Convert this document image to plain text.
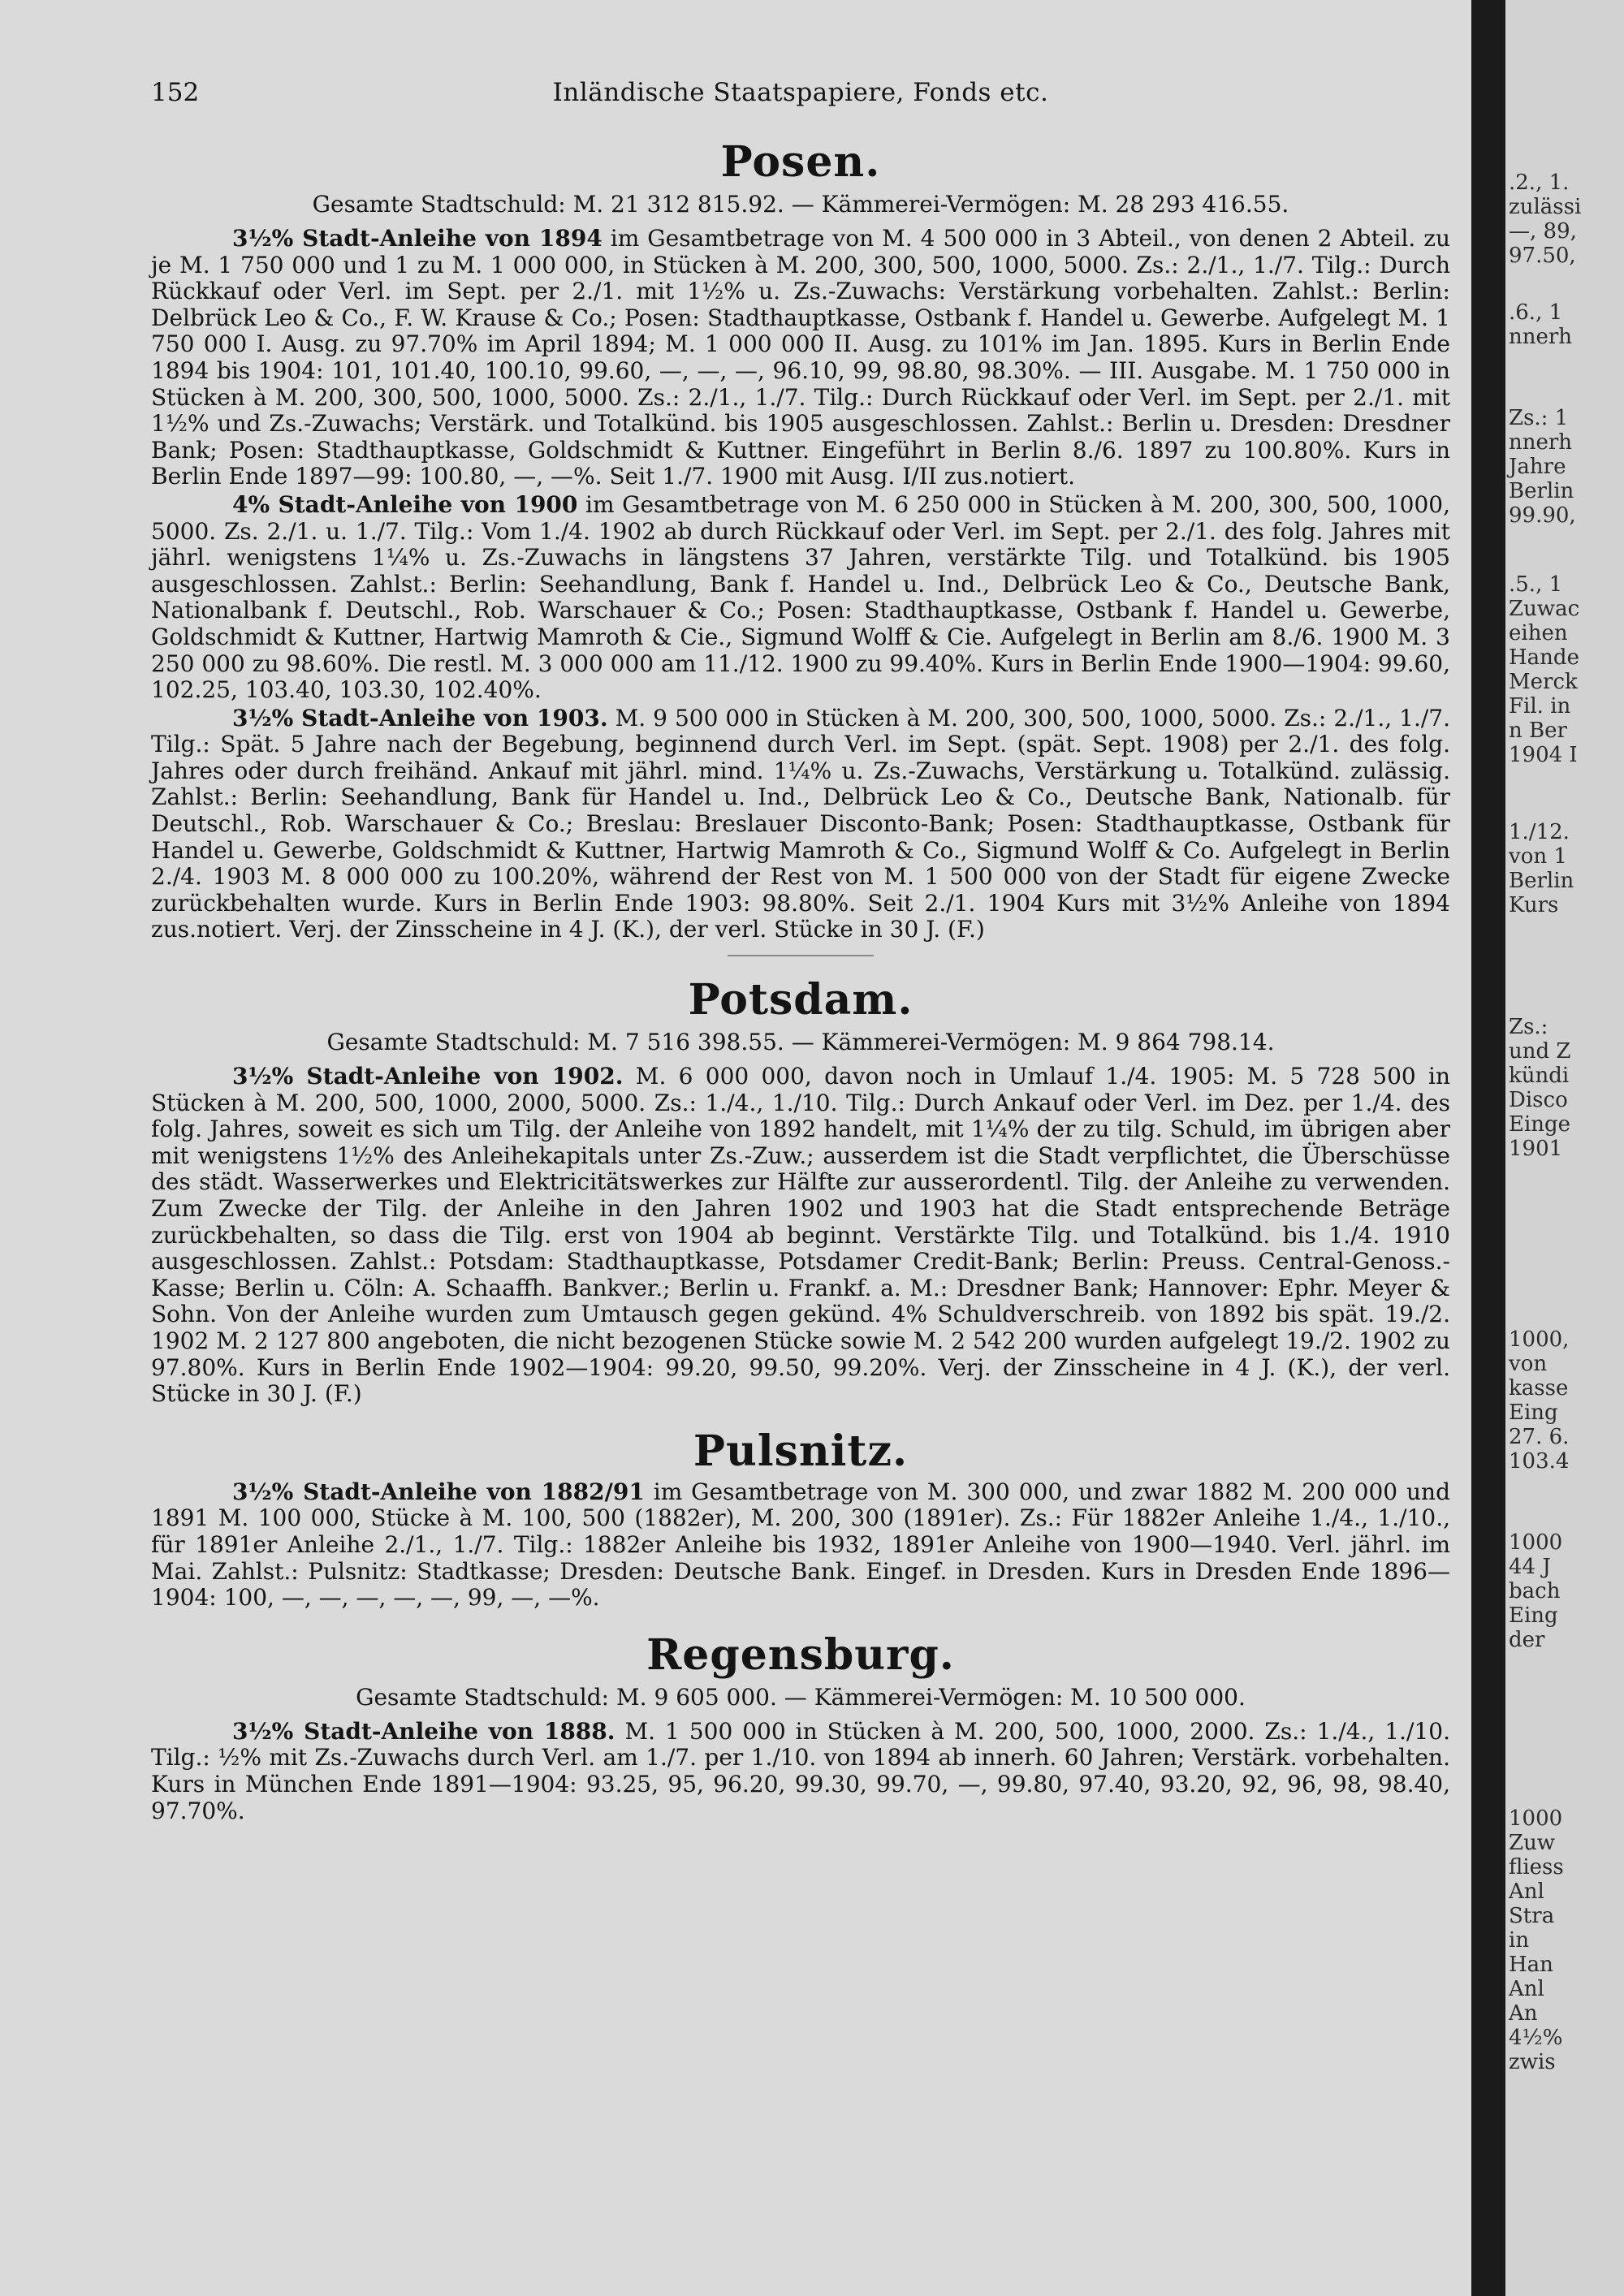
152	Inländische Staatspapiere, Fonds etc.
Posen.
Gesamte Stadtschuld: M. 21 312 815.92. — Kämmerei-Vermögen: M. 28 293 416.55.

3½% Stadt-Anleihe von 1894 im Gesamtbetrage von M. 4 500 000 in 3 Abteil., von denen 2 Abteil. zu je M. 1 750 000 und 1 zu M. 1 000 000, in Stücken à M. 200, 300, 500, 1000, 5000. Zs.: 2./1., 1./7. Tilg.: Durch Rückkauf oder Verl. im Sept. per 2./1. mit 1½% u. Zs.-Zuwachs: Verstärkung vorbehalten. Zahlst.: Berlin: Delbrück Leo & Co., F. W. Krause & Co.; Posen: Stadthauptkasse, Ostbank f. Handel u. Gewerbe. Aufgelegt M. 1 750 000 I. Ausg. zu 97.70% im April 1894; M. 1 000 000 II. Ausg. zu 101% im Jan. 1895. Kurs in Berlin Ende 1894 bis 1904: 101, 101.40, 100.10, 99.60, —, —, —, 96.10, 99, 98.80, 98.30%. — III. Ausgabe. M. 1 750 000 in Stücken à M. 200, 300, 500, 1000, 5000. Zs.: 2./1., 1./7. Tilg.: Durch Rückkauf oder Verl. im Sept. per 2./1. mit 1½% und Zs.-Zuwachs; Verstärk. und Totalkünd. bis 1905 ausgeschlossen. Zahlst.: Berlin u. Dresden: Dresdner Bank; Posen: Stadthauptkasse, Goldschmidt & Kuttner. Eingeführt in Berlin 8./6. 1897 zu 100.80%. Kurs in Berlin Ende 1897—99: 100.80, —, —%. Seit 1./7. 1900 mit Ausg. I/II zus.notiert.

4% Stadt-Anleihe von 1900 im Gesamtbetrage von M. 6 250 000 in Stücken à M. 200, 300, 500, 1000, 5000. Zs. 2./1. u. 1./7. Tilg.: Vom 1./4. 1902 ab durch Rückkauf oder Verl. im Sept. per 2./1. des folg. Jahres mit jährl. wenigstens 1¼% u. Zs.-Zuwachs in längstens 37 Jahren, verstärkte Tilg. und Totalkünd. bis 1905 ausgeschlossen. Zahlst.: Berlin: Seehandlung, Bank f. Handel u. Ind., Delbrück Leo & Co., Deutsche Bank, Nationalbank f. Deutschl., Rob. Warschauer & Co.; Posen: Stadthauptkasse, Ostbank f. Handel u. Gewerbe, Goldschmidt & Kuttner, Hartwig Mamroth & Cie., Sigmund Wolff & Cie. Aufgelegt in Berlin am 8./6. 1900 M. 3 250 000 zu 98.60%. Die restl. M. 3 000 000 am 11./12. 1900 zu 99.40%. Kurs in Berlin Ende 1900—1904: 99.60, 102.25, 103.40, 103.30, 102.40%.

3½% Stadt-Anleihe von 1903. M. 9 500 000 in Stücken à M. 200, 300, 500, 1000, 5000. Zs.: 2./1., 1./7. Tilg.: Spät. 5 Jahre nach der Begebung, beginnend durch Verl. im Sept. (spät. Sept. 1908) per 2./1. des folg. Jahres oder durch freihänd. Ankauf mit jährl. mind. 1¼% u. Zs.-Zuwachs, Verstärkung u. Totalkünd. zulässig. Zahlst.: Berlin: Seehandlung, Bank für Handel u. Ind., Delbrück Leo & Co., Deutsche Bank, Nationalb. für Deutschl., Rob. Warschauer & Co.; Breslau: Breslauer Disconto-Bank; Posen: Stadthauptkasse, Ostbank für Handel u. Gewerbe, Goldschmidt & Kuttner, Hartwig Mamroth & Co., Sigmund Wolff & Co. Aufgelegt in Berlin 2./4. 1903 M. 8 000 000 zu 100.20%, während der Rest von M. 1 500 000 von der Stadt für eigene Zwecke zurückbehalten wurde. Kurs in Berlin Ende 1903: 98.80%. Seit 2./1. 1904 Kurs mit 3½% Anleihe von 1894 zus.notiert. Verj. der Zinsscheine in 4 J. (K.), der verl. Stücke in 30 J. (F.)

Potsdam.
Gesamte Stadtschuld: M. 7 516 398.55. — Kämmerei-Vermögen: M. 9 864 798.14.

3½% Stadt-Anleihe von 1902. M. 6 000 000, davon noch in Umlauf 1./4. 1905: M. 5 728 500 in Stücken à M. 200, 500, 1000, 2000, 5000. Zs.: 1./4., 1./10. Tilg.: Durch Ankauf oder Verl. im Dez. per 1./4. des folg. Jahres, soweit es sich um Tilg. der Anleihe von 1892 handelt, mit 1¼% der zu tilg. Schuld, im übrigen aber mit wenigstens 1½% des Anleihekapitals unter Zs.-Zuw.; ausserdem ist die Stadt verpflichtet, die Überschüsse des städt. Wasserwerkes und Elektricitätswerkes zur Hälfte zur ausserordentl. Tilg. der Anleihe zu verwenden. Zum Zwecke der Tilg. der Anleihe in den Jahren 1902 und 1903 hat die Stadt entsprechende Beträge zurückbehalten, so dass die Tilg. erst von 1904 ab beginnt. Verstärkte Tilg. und Totalkünd. bis 1./4. 1910 ausgeschlossen. Zahlst.: Potsdam: Stadthauptkasse, Potsdamer Credit-Bank; Berlin: Preuss. Central-Genoss.-Kasse; Berlin u. Cöln: A. Schaaffh. Bankver.; Berlin u. Frankf. a. M.: Dresdner Bank; Hannover: Ephr. Meyer & Sohn. Von der Anleihe wurden zum Umtausch gegen gekünd. 4% Schuldverschreib. von 1892 bis spät. 19./2. 1902 M. 2 127 800 angeboten, die nicht bezogenen Stücke sowie M. 2 542 200 wurden aufgelegt 19./2. 1902 zu 97.80%. Kurs in Berlin Ende 1902—1904: 99.20, 99.50, 99.20%. Verj. der Zinsscheine in 4 J. (K.), der verl. Stücke in 30 J. (F.)

Pulsnitz.

3½% Stadt-Anleihe von 1882/91 im Gesamtbetrage von M. 300 000, und zwar 1882 M. 200 000 und 1891 M. 100 000, Stücke à M. 100, 500 (1882er), M. 200, 300 (1891er). Zs.: Für 1882er Anleihe 1./4., 1./10., für 1891er Anleihe 2./1., 1./7. Tilg.: 1882er Anleihe bis 1932, 1891er Anleihe von 1900—1940. Verl. jährl. im Mai. Zahlst.: Pulsnitz: Stadtkasse; Dresden: Deutsche Bank. Eingef. in Dresden. Kurs in Dresden Ende 1896—1904: 100, —, —, —, —, —, 99, —, —%.

Regensburg.
Gesamte Stadtschuld: M. 9 605 000. — Kämmerei-Vermögen: M. 10 500 000.

3½% Stadt-Anleihe von 1888. M. 1 500 000 in Stücken à M. 200, 500, 1000, 2000. Zs.: 1./4., 1./10. Tilg.: ½% mit Zs.-Zuwachs durch Verl. am 1./7. per 1./10. von 1894 ab innerh. 60 Jahren; Verstärk. vorbehalten. Kurs in München Ende 1891—1904: 93.25, 95, 96.20, 99.30, 99.70, —, 99.80, 97.40, 93.20, 92, 96, 98, 98.40, 97.70%.

.2., 1.
zulässi
—, 89,
97.50,
.6., 1
nnerh
Zs.: 1
nnerh
Jahre
Berlin
99.90,
.5., 1
Zuwac
eihen
Hande
Merck
Fil. in
n Ber
1904 I
1./12.
von 1
Berlin
Kurs
Zs.:
und Z
kündi
Disco
Einge
1901
1000,
von
kasse
Eing
27. 6.
103.4
1000
44 J
bach
Eing
der
1000
Zuw
fliess
Anl
Stra
in
Han
Anl
An
4½%
zwis
